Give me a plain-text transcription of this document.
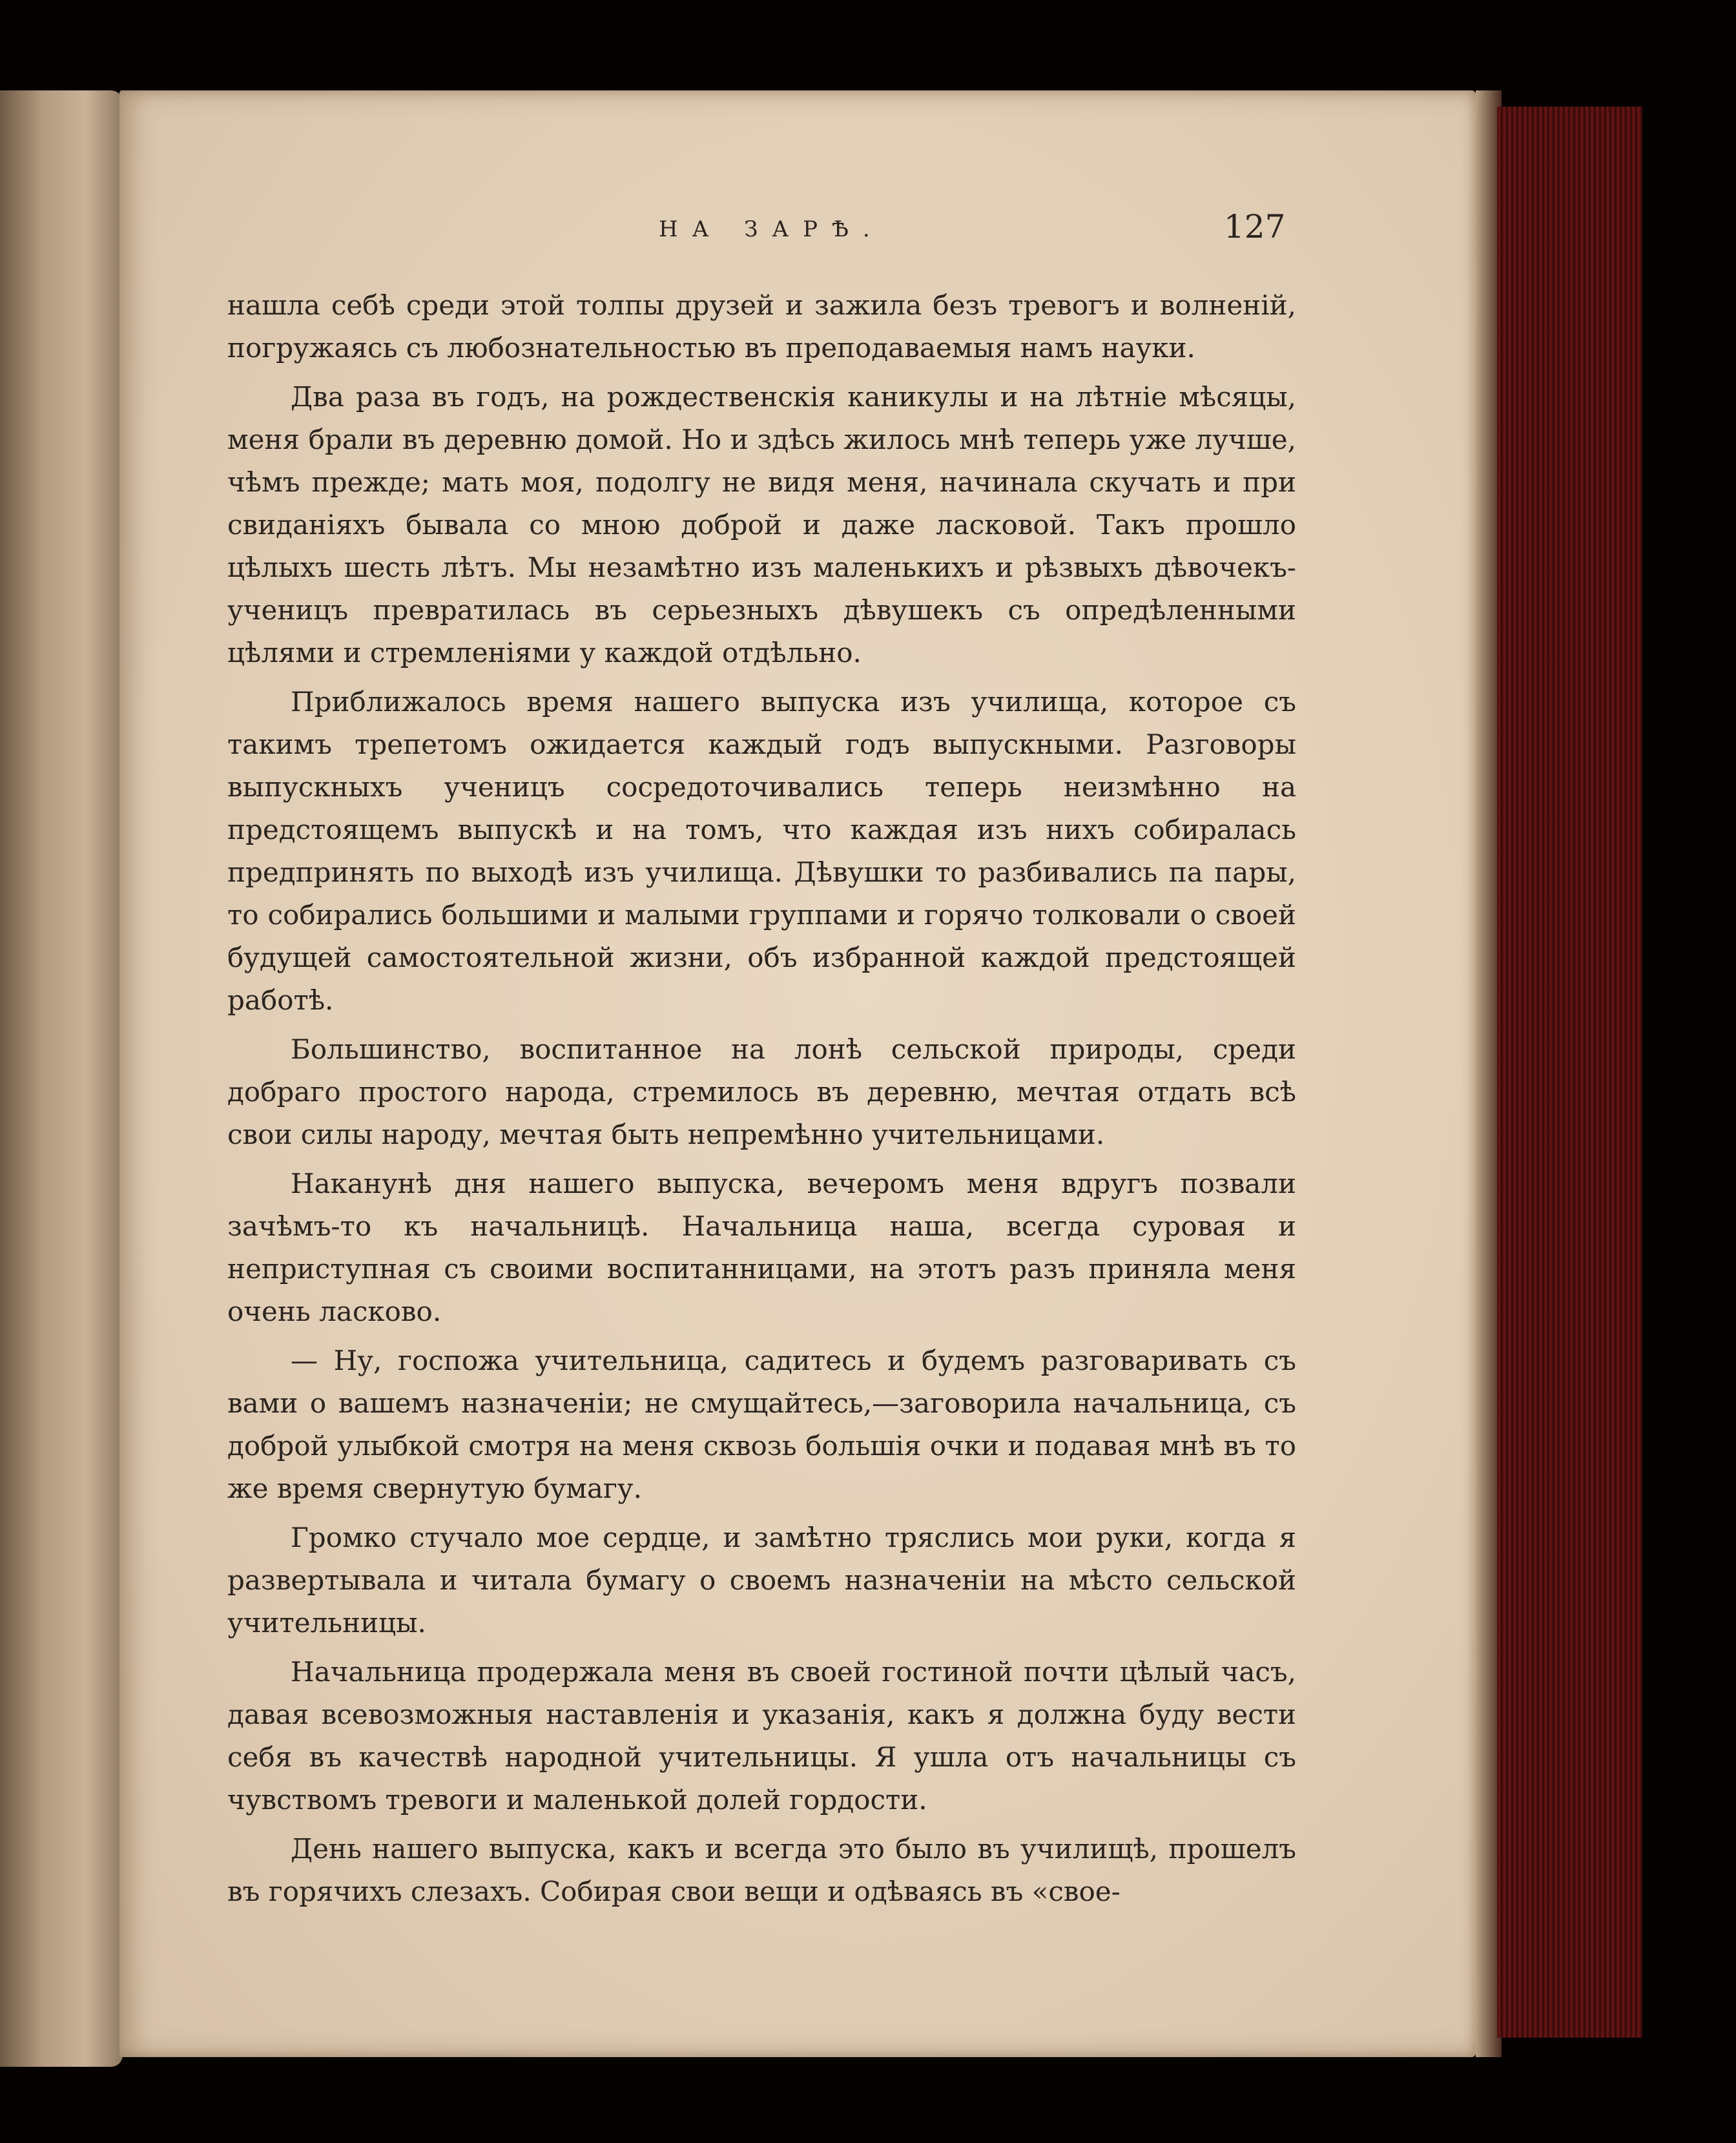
НА ЗАРѢ.	127

нашла себѣ среди этой толпы друзей и зажила безъ тревогъ и волненій, погружаясь съ любознательностью въ преподаваемыя намъ науки.

Два раза въ годъ, на рождественскія каникулы и на лѣтніе мѣсяцы, меня брали въ деревню домой. Но и здѣсь жилось мнѣ теперь уже лучше, чѣмъ прежде; мать моя, подолгу не видя меня, начинала скучать и при свиданіяхъ бывала со мною доброй и даже ласковой. Такъ прошло цѣлыхъ шесть лѣтъ. Мы незамѣтно изъ маленькихъ и рѣзвыхъ дѣвочекъ-ученицъ превратилась въ серьезныхъ дѣвушекъ съ опредѣленными цѣлями и стремленіями у каждой отдѣльно.

Приближалось время нашего выпуска изъ училища, которое съ такимъ трепетомъ ожидается каждый годъ выпускными. Разговоры выпускныхъ ученицъ сосредоточивались теперь неизмѣнно на предстоящемъ выпускѣ и на томъ, что каждая изъ нихъ собиралась предпринять по выходѣ изъ училища. Дѣвушки то разбивались па пары, то собирались большими и малыми группами и горячо толковали о своей будущей самостоятельной жизни, объ избранной каждой предстоящей работѣ.

Большинство, воспитанное на лонѣ сельской природы, среди добраго простого народа, стремилось въ деревню, мечтая отдать всѣ свои силы народу, мечтая быть непремѣнно учительницами.

Наканунѣ дня нашего выпуска, вечеромъ меня вдругъ позвали зачѣмъ-то къ начальницѣ. Начальница наша, всегда суровая и неприступная съ своими воспитанницами, на этотъ разъ приняла меня очень ласково.

— Ну, госпожа учительница, садитесь и будемъ разговаривать съ вами о вашемъ назначеніи; не смущайтесь,—заговорила начальница, съ доброй улыбкой смотря на меня сквозь большія очки и подавая мнѣ въ то же время свернутую бумагу.

Громко стучало мое сердце, и замѣтно тряслись мои руки, когда я развертывала и читала бумагу о своемъ назначеніи на мѣсто сельской учительницы.

Начальница продержала меня въ своей гостиной почти цѣлый часъ, давая всевозможныя наставленія и указанія, какъ я должна буду вести себя въ качествѣ народной учительницы. Я ушла отъ начальницы съ чувствомъ тревоги и маленькой долей гордости.

День нашего выпуска, какъ и всегда это было въ училищѣ, прошелъ въ горячихъ слезахъ. Собирая свои вещи и одѣваясь въ «свое-
